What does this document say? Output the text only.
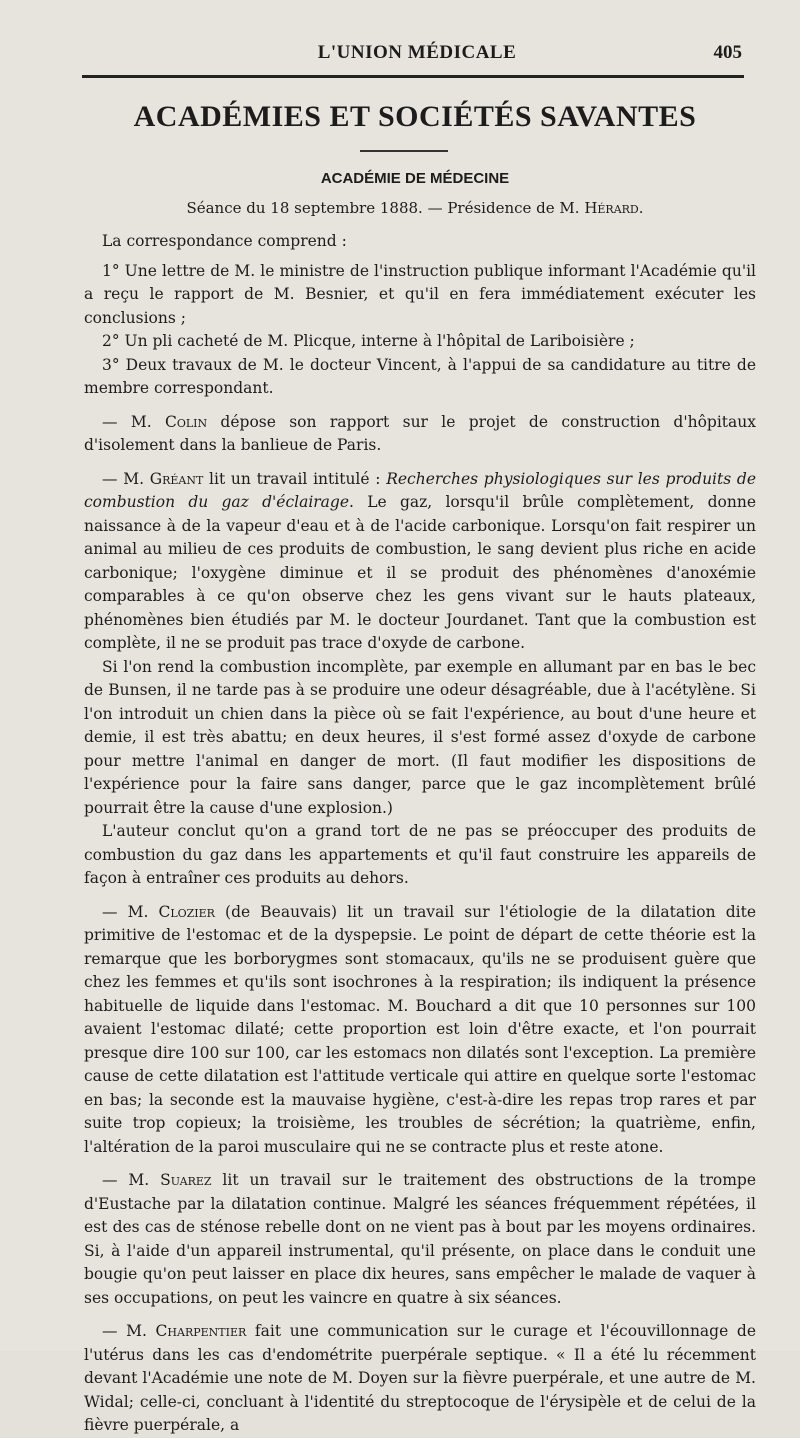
L'UNION MÉDICALE	405
ACADÉMIES ET SOCIÉTÉS SAVANTES
ACADÉMIE DE MÉDECINE
Séance du 18 septembre 1888. — Présidence de M. Hérard.

La correspondance comprend :

1° Une lettre de M. le ministre de l'instruction publique informant l'Académie qu'il a reçu le rapport de M. Besnier, et qu'il en fera immédiatement exécuter les conclusions ;

2° Un pli cacheté de M. Plicque, interne à l'hôpital de Lariboisière ;

3° Deux travaux de M. le docteur Vincent, à l'appui de sa candidature au titre de membre correspondant.

— M. Colin dépose son rapport sur le projet de construction d'hôpitaux d'isolement dans la banlieue de Paris.

— M. Gréant lit un travail intitulé : Recherches physiologiques sur les produits de combustion du gaz d'éclairage. Le gaz, lorsqu'il brûle complètement, donne naissance à de la vapeur d'eau et à de l'acide carbonique. Lorsqu'on fait respirer un animal au milieu de ces produits de combustion, le sang devient plus riche en acide carbonique; l'oxygène diminue et il se produit des phénomènes d'anoxémie comparables à ce qu'on observe chez les gens vivant sur le hauts plateaux, phénomènes bien étudiés par M. le docteur Jourdanet. Tant que la combustion est complète, il ne se produit pas trace d'oxyde de carbone.

Si l'on rend la combustion incomplète, par exemple en allumant par en bas le bec de Bunsen, il ne tarde pas à se produire une odeur désagréable, due à l'acétylène. Si l'on introduit un chien dans la pièce où se fait l'expérience, au bout d'une heure et demie, il est très abattu; en deux heures, il s'est formé assez d'oxyde de carbone pour mettre l'animal en danger de mort. (Il faut modifier les dispositions de l'expérience pour la faire sans danger, parce que le gaz incomplètement brûlé pourrait être la cause d'une explosion.)

L'auteur conclut qu'on a grand tort de ne pas se préoccuper des produits de combustion du gaz dans les appartements et qu'il faut construire les appareils de façon à entraîner ces produits au dehors.

— M. Clozier (de Beauvais) lit un travail sur l'étiologie de la dilatation dite primitive de l'estomac et de la dyspepsie. Le point de départ de cette théorie est la remarque que les borborygmes sont stomacaux, qu'ils ne se produisent guère que chez les femmes et qu'ils sont isochrones à la respiration; ils indiquent la présence habituelle de liquide dans l'estomac. M. Bouchard a dit que 10 personnes sur 100 avaient l'estomac dilaté; cette proportion est loin d'être exacte, et l'on pourrait presque dire 100 sur 100, car les estomacs non dilatés sont l'exception. La première cause de cette dilatation est l'attitude verticale qui attire en quelque sorte l'estomac en bas; la seconde est la mauvaise hygiène, c'est-à-dire les repas trop rares et par suite trop copieux; la troisième, les troubles de sécrétion; la quatrième, enfin, l'altération de la paroi musculaire qui ne se contracte plus et reste atone.

— M. Suarez lit un travail sur le traitement des obstructions de la trompe d'Eustache par la dilatation continue. Malgré les séances fréquemment répétées, il est des cas de sténose rebelle dont on ne vient pas à bout par les moyens ordinaires. Si, à l'aide d'un appareil instrumental, qu'il présente, on place dans le conduit une bougie qu'on peut laisser en place dix heures, sans empêcher le malade de vaquer à ses occupations, on peut les vaincre en quatre à six séances.

— M. Charpentier fait une communication sur le curage et l'écouvillonnage de l'utérus dans les cas d'endométrite puerpérale septique. « Il a été lu récemment devant l'Académie une note de M. Doyen sur la fièvre puerpérale, et une autre de M. Widal; celle-ci, concluant à l'identité du streptocoque de l'érysipèle et de celui de la fièvre puerpérale, a
